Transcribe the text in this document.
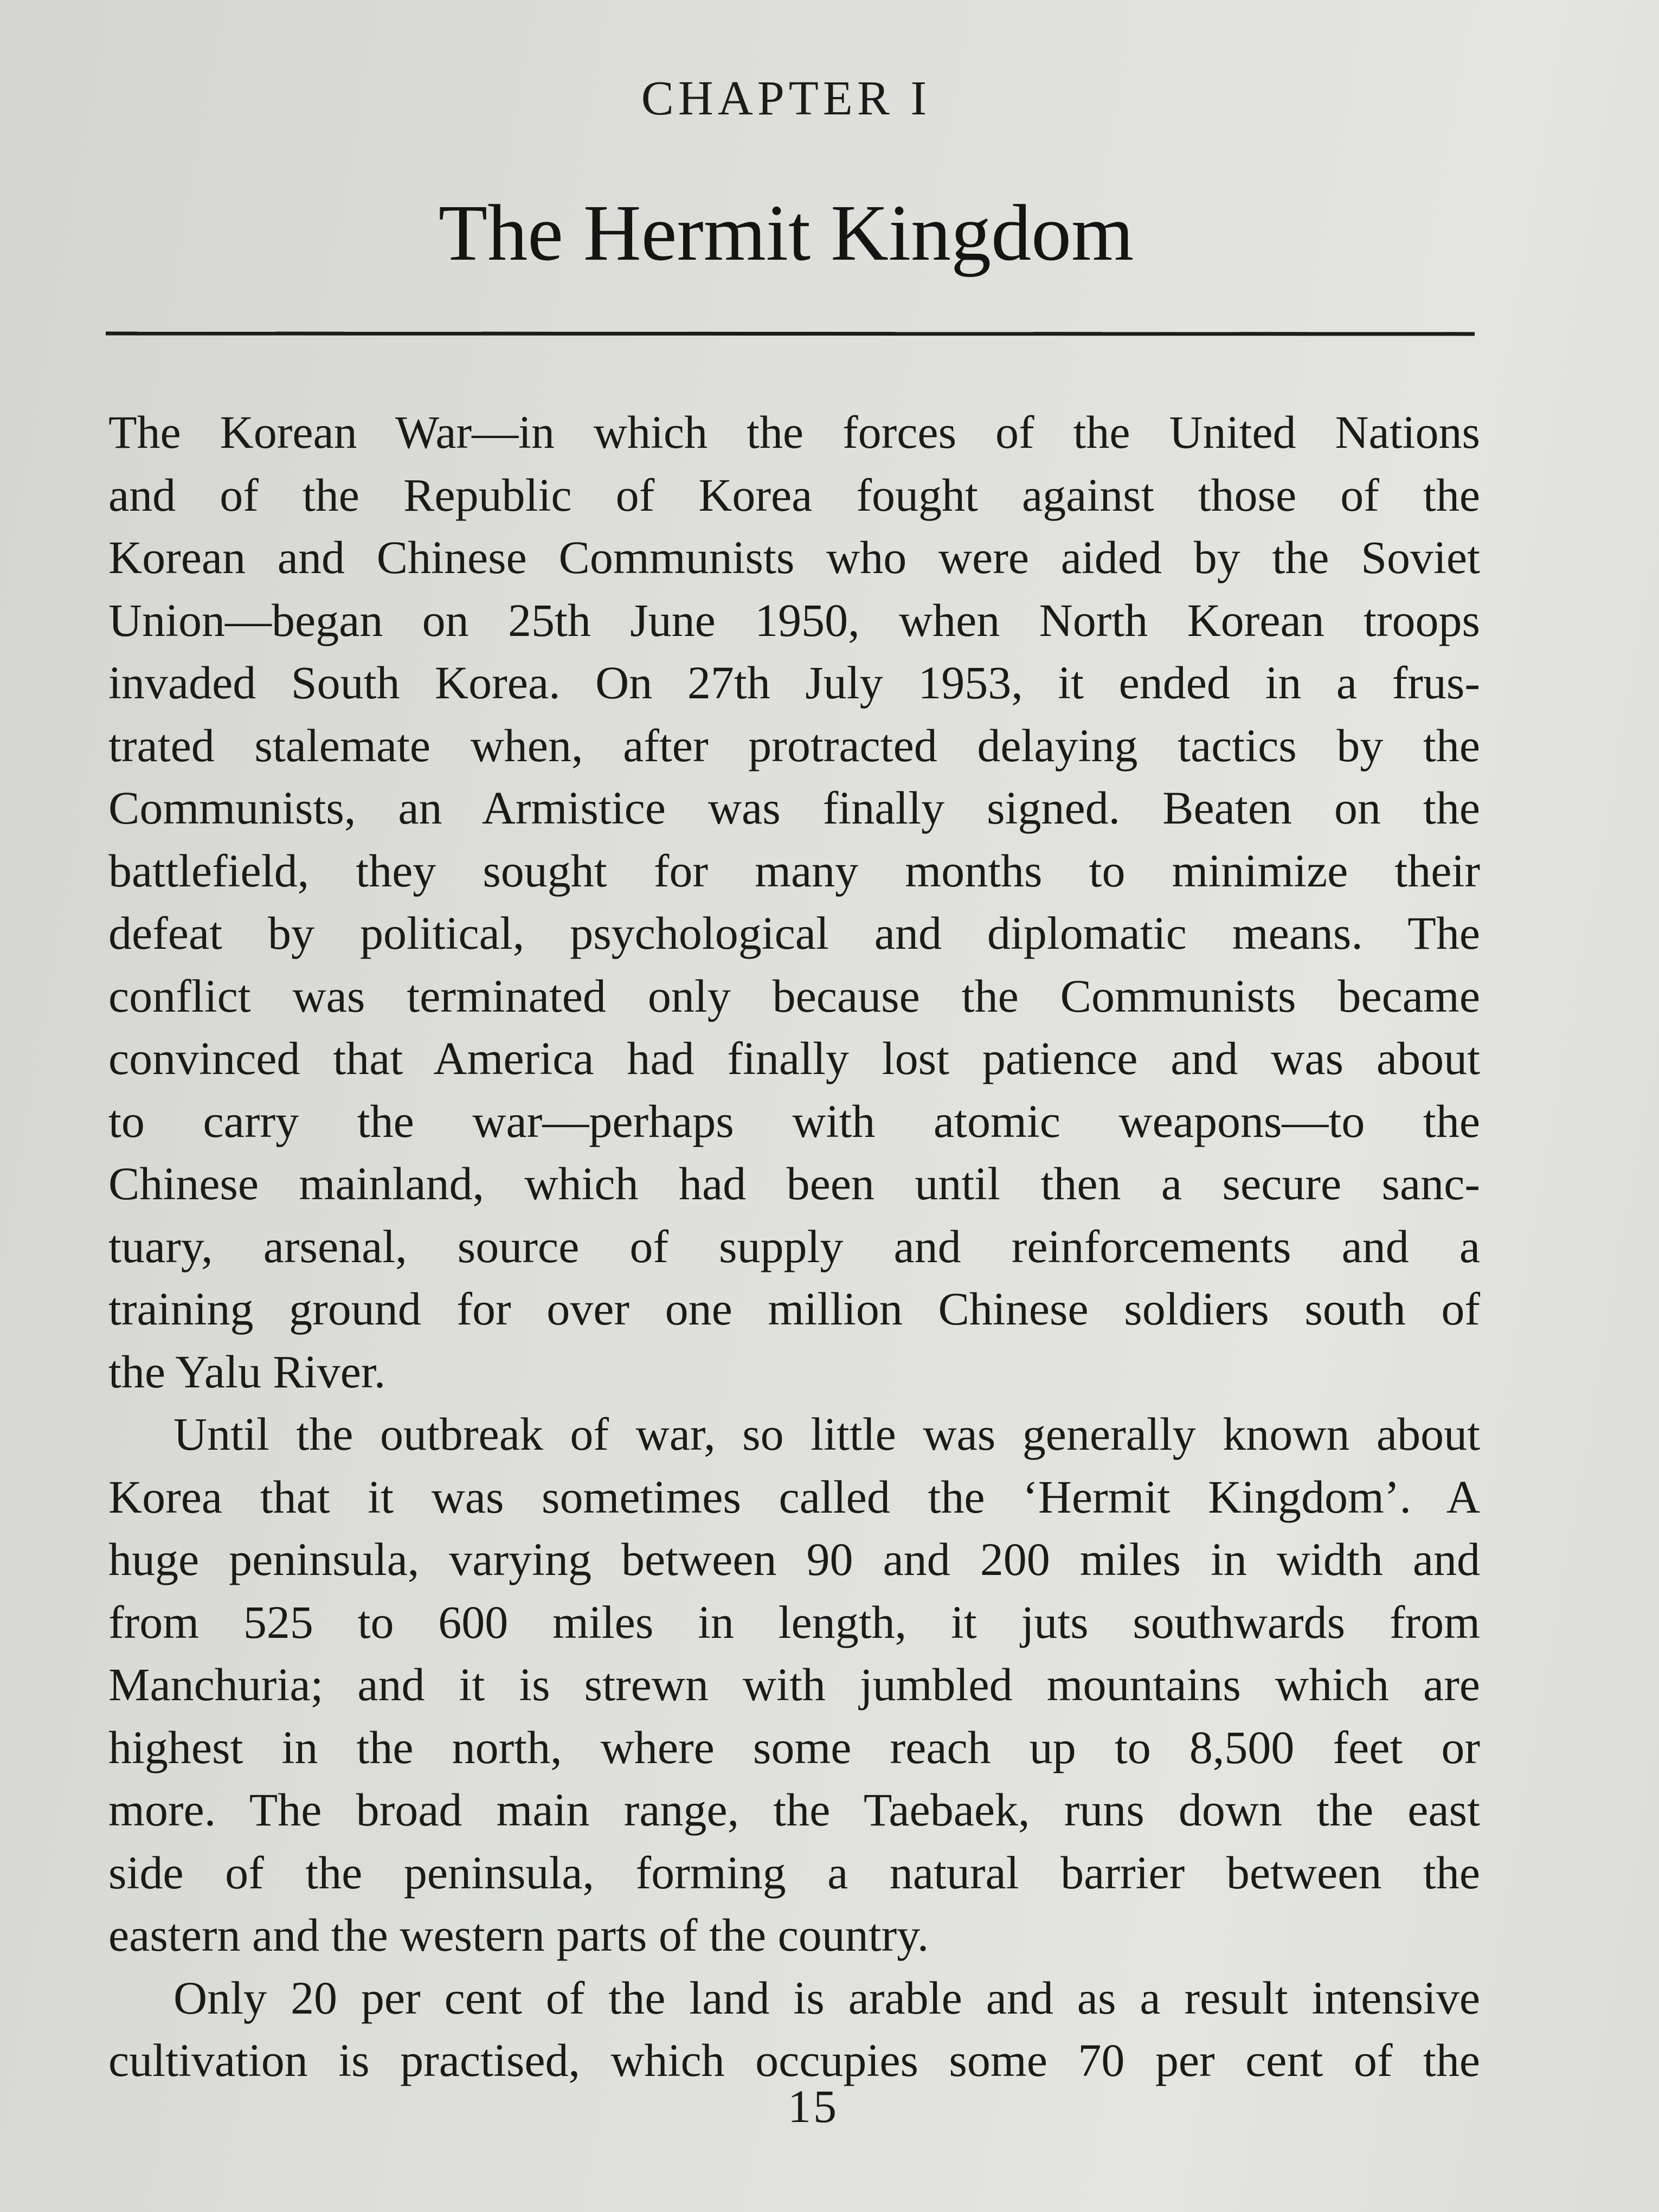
CHAPTER I
The Hermit Kingdom
The Korean War—in which the forces of the United Nations
and of the Republic of Korea fought against those of the
Korean and Chinese Communists who were aided by the Soviet
Union—began on 25th June 1950, when North Korean troops
invaded South Korea. On 27th July 1953, it ended in a frus-
trated stalemate when, after protracted delaying tactics by the
Communists, an Armistice was finally signed. Beaten on the
battlefield, they sought for many months to minimize their
defeat by political, psychological and diplomatic means. The
conflict was terminated only because the Communists became
convinced that America had finally lost patience and was about
to carry the war—perhaps with atomic weapons—to the
Chinese mainland, which had been until then a secure sanc-
tuary, arsenal, source of supply and reinforcements and a
training ground for over one million Chinese soldiers south of
the Yalu River.
Until the outbreak of war, so little was generally known about
Korea that it was sometimes called the ‘Hermit Kingdom’. A
huge peninsula, varying between 90 and 200 miles in width and
from 525 to 600 miles in length, it juts southwards from
Manchuria; and it is strewn with jumbled mountains which are
highest in the north, where some reach up to 8,500 feet or
more. The broad main range, the Taebaek, runs down the east
side of the peninsula, forming a natural barrier between the
eastern and the western parts of the country.
Only 20 per cent of the land is arable and as a result intensive
cultivation is practised, which occupies some 70 per cent of the
15
